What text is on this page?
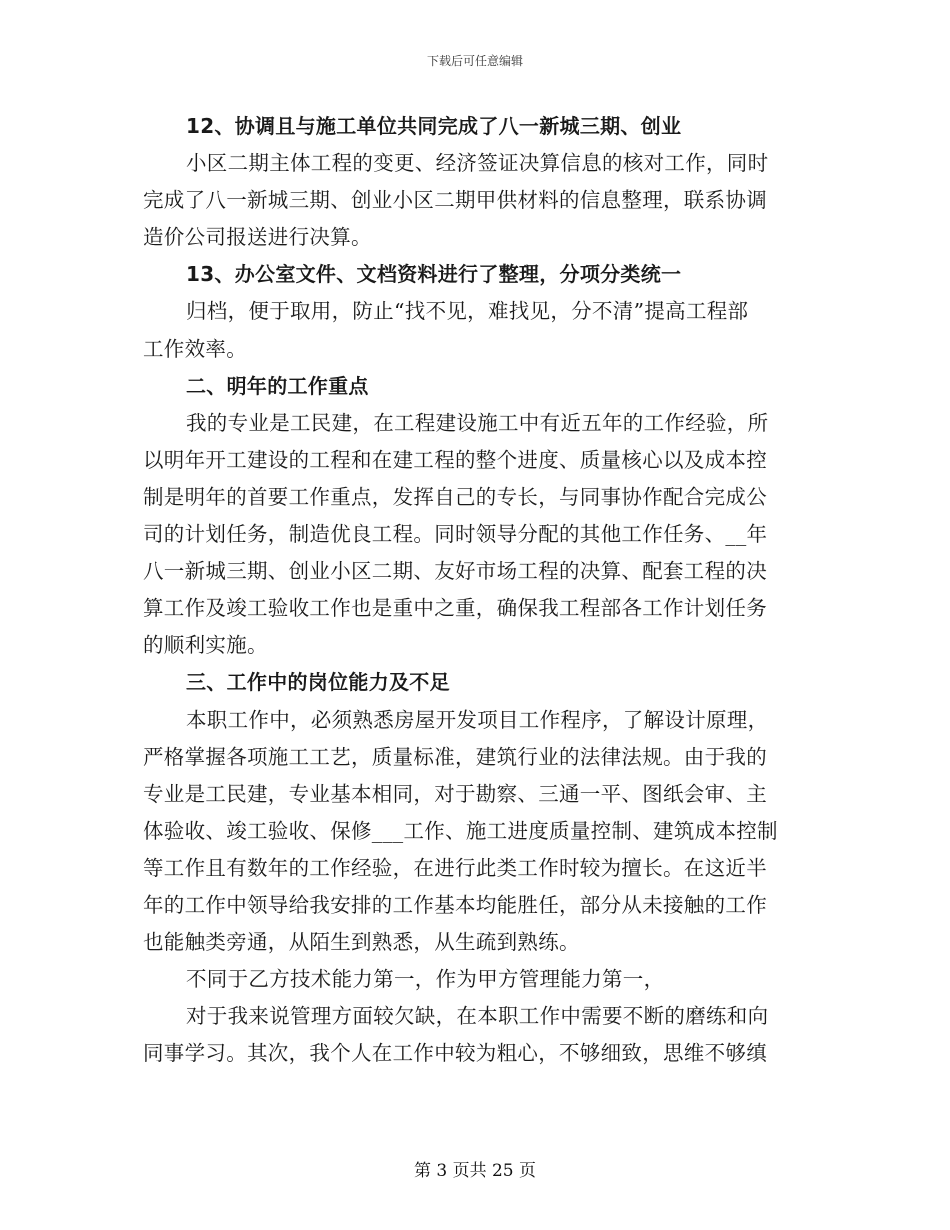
下载后可任意编辑
12、协调且与施工单位共同完成了八一新城三期、创业
小区二期主体工程的变更、经济签证决算信息的核对工作，同时
完成了八一新城三期、创业小区二期甲供材料的信息整理，联系协调
造价公司报送进行决算。
13、办公室文件、文档资料进行了整理，分项分类统一
归档，便于取用，防止“找不见，难找见，分不清”提高工程部
工作效率。
二、明年的工作重点
我的专业是工民建，在工程建设施工中有近五年的工作经验，所
以明年开工建设的工程和在建工程的整个进度、质量核心以及成本控
制是明年的首要工作重点，发挥自己的专长，与同事协作配合完成公
司的计划任务，制造优良工程。同时领导分配的其他工作任务、__年
八一新城三期、创业小区二期、友好市场工程的决算、配套工程的决
算工作及竣工验收工作也是重中之重，确保我工程部各工作计划任务
的顺利实施。
三、工作中的岗位能力及不足
本职工作中，必须熟悉房屋开发项目工作程序，了解设计原理，
严格掌握各项施工工艺，质量标准，建筑行业的法律法规。由于我的
专业是工民建，专业基本相同，对于勘察、三通一平、图纸会审、主
体验收、竣工验收、保修___工作、施工进度质量控制、建筑成本控制
等工作且有数年的工作经验，在进行此类工作时较为擅长。在这近半
年的工作中领导给我安排的工作基本均能胜任，部分从未接触的工作
也能触类旁通，从陌生到熟悉，从生疏到熟练。
不同于乙方技术能力第一，作为甲方管理能力第一，
对于我来说管理方面较欠缺，在本职工作中需要不断的磨练和向
同事学习。其次，我个人在工作中较为粗心，不够细致，思维不够缜
第 3 页共 25 页
